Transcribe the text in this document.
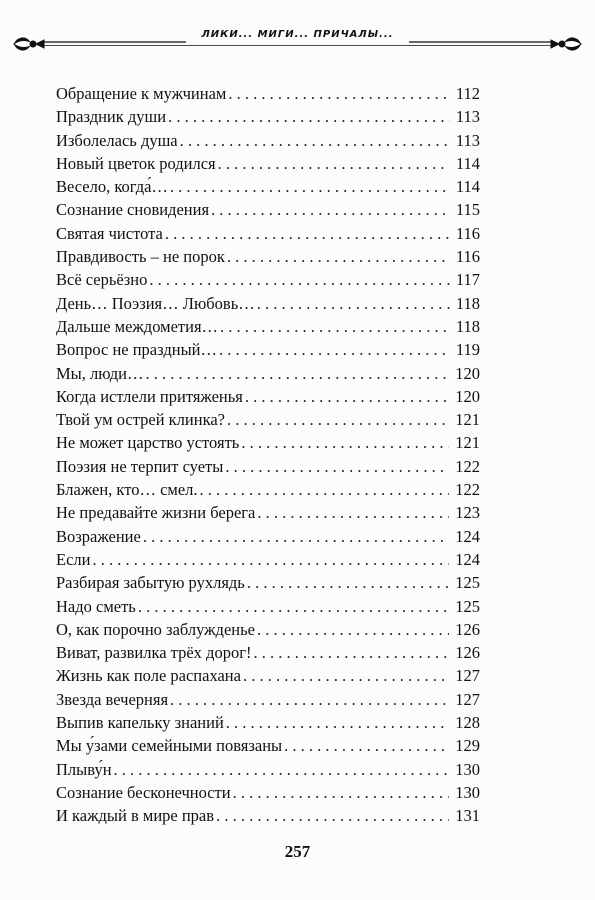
ЛИКИ... МИГИ... ПРИЧАЛЫ...
Обращение к мужчинам . . .	112
Праздник души . . .	113
Изболелась душа . . .	113
Новый цветок родился . . .	114
Весело, когда́… . . .	114
Сознание сновидения . . .	115
Святая чистота . . .	116
Правдивость – не порок . . .	116
Всё серьёзно . . .	117
День… Поэзия… Любовь… . . .	118
Дальше междометия… . . .	118
Вопрос не праздный… . . .	119
Мы, люди… . . .	120
Когда истлели притяженья . . .	120
Твой ум острей клинка? . . .	121
Не может царство устоять . . .	121
Поэзия не терпит суеты . . .	122
Блажен, кто… смел. . . .	122
Не предавайте жизни берега . . .	123
Возражение . . .	124
Если . . .	124
Разбирая забытую рухлядь . . .	125
Надо сметь . . .	125
О, как порочно заблужденье . . .	126
Виват, развилка трёх дорог! . . .	126
Жизнь как поле распахана . . .	127
Звезда вечерняя . . .	127
Выпив капельку знаний . . .	128
Мы у́зами семейными повязаны . . .	129
Плыву́н . . .	130
Сознание бесконечности . . .	130
И каждый в мире прав . . .	131
257
